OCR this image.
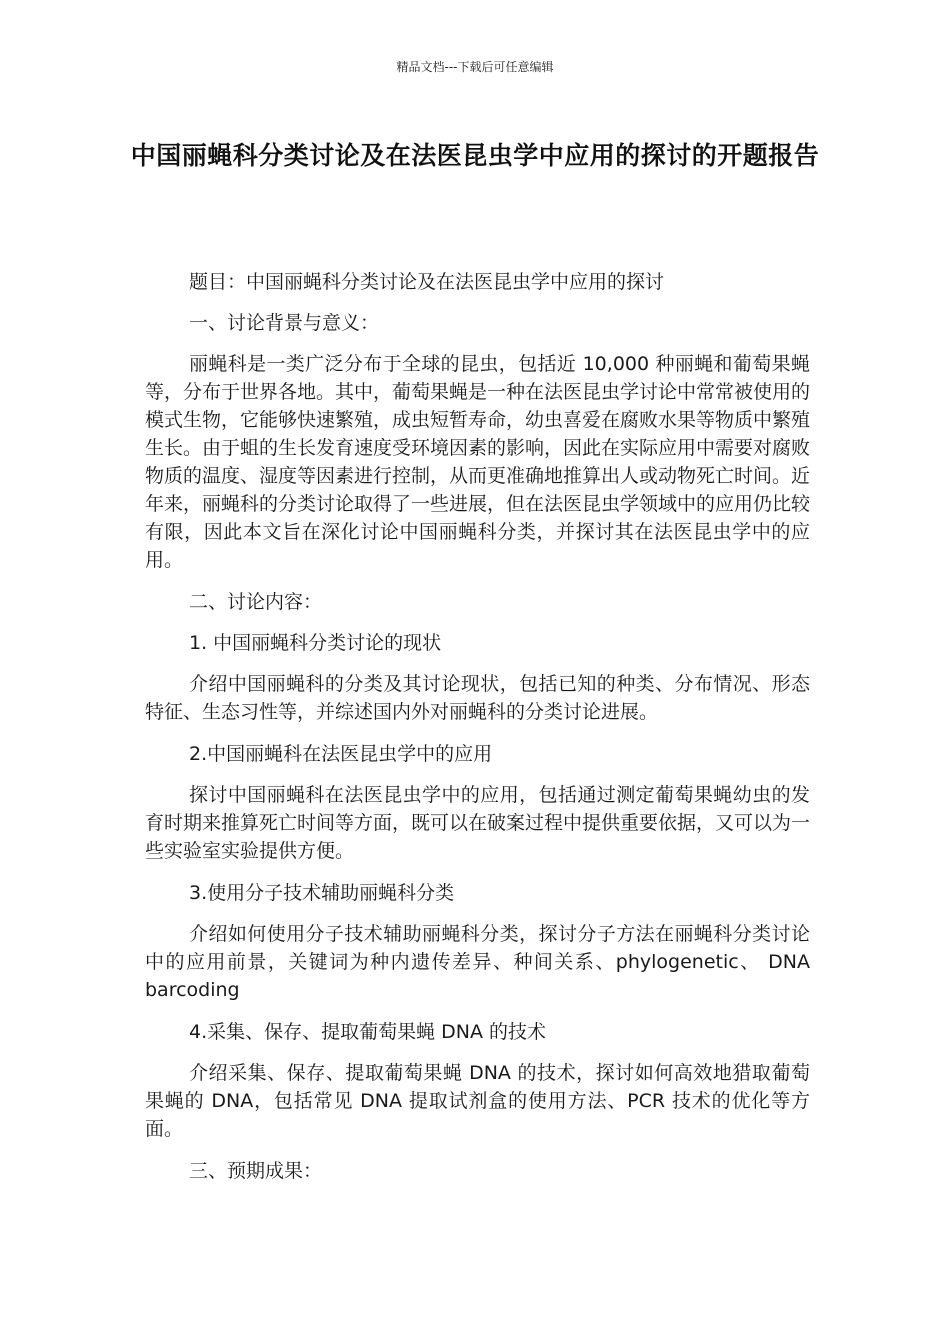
精品文档---下载后可任意编辑
中国丽蝇科分类讨论及在法医昆虫学中应用的探讨的开题报告

题目：中国丽蝇科分类讨论及在法医昆虫学中应用的探讨

一、讨论背景与意义：

丽蝇科是一类广泛分布于全球的昆虫，包括近 10,000 种丽蝇和葡萄果蝇等，分布于世界各地。其中，葡萄果蝇是一种在法医昆虫学讨论中常常被使用的模式生物，它能够快速繁殖，成虫短暂寿命，幼虫喜爱在腐败水果等物质中繁殖生长。由于蛆的生长发育速度受环境因素的影响，因此在实际应用中需要对腐败物质的温度、湿度等因素进行控制，从而更准确地推算出人或动物死亡时间。近年来，丽蝇科的分类讨论取得了一些进展，但在法医昆虫学领域中的应用仍比较有限，因此本文旨在深化讨论中国丽蝇科分类，并探讨其在法医昆虫学中的应用。

二、讨论内容：

1. 中国丽蝇科分类讨论的现状

介绍中国丽蝇科的分类及其讨论现状，包括已知的种类、分布情况、形态特征、生态习性等，并综述国内外对丽蝇科的分类讨论进展。

2.中国丽蝇科在法医昆虫学中的应用

探讨中国丽蝇科在法医昆虫学中的应用，包括通过测定葡萄果蝇幼虫的发育时期来推算死亡时间等方面，既可以在破案过程中提供重要依据，又可以为一些实验室实验提供方便。

3.使用分子技术辅助丽蝇科分类

介绍如何使用分子技术辅助丽蝇科分类，探讨分子方法在丽蝇科分类讨论中的应用前景，关键词为种内遗传差异、种间关系、phylogenetic、 DNA barcoding

4.采集、保存、提取葡萄果蝇 DNA 的技术

介绍采集、保存、提取葡萄果蝇 DNA 的技术，探讨如何高效地猎取葡萄果蝇的 DNA，包括常见 DNA 提取试剂盒的使用方法、PCR 技术的优化等方面。

三、预期成果：
